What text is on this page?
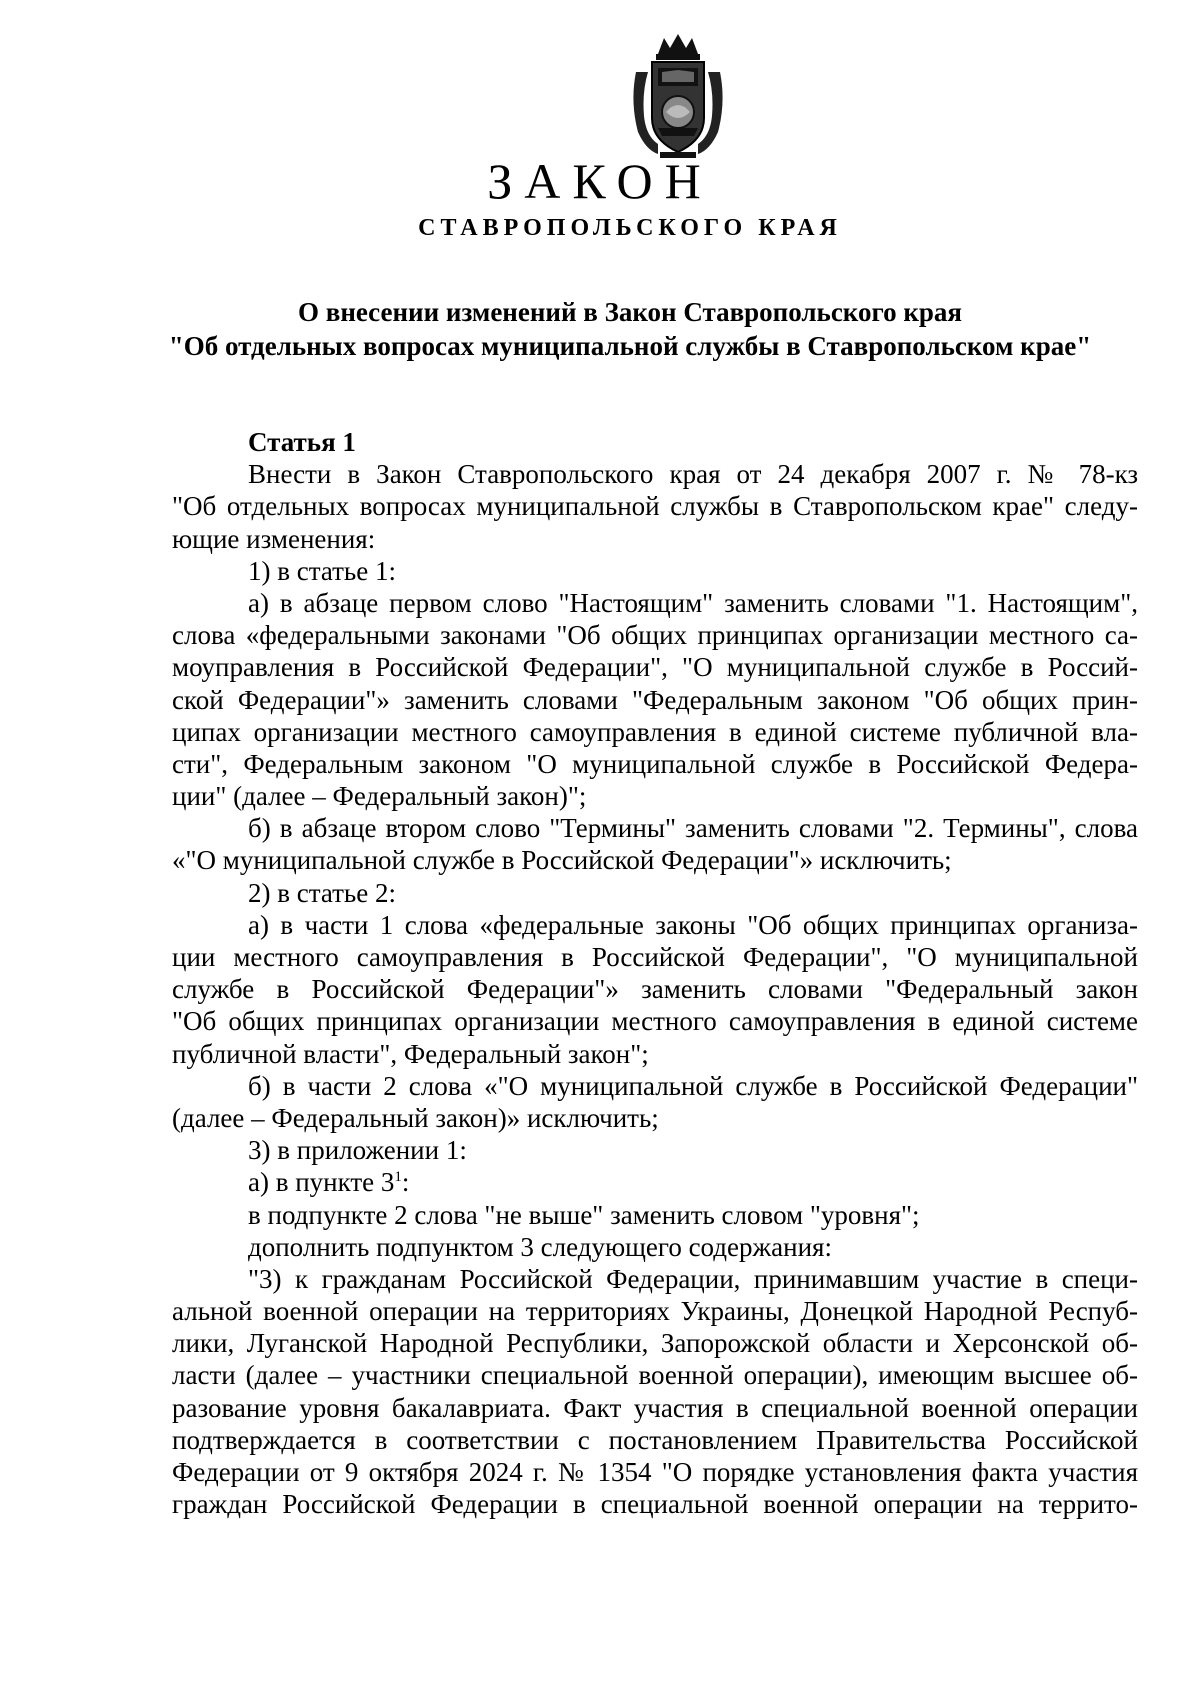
ЗАКОН
СТАВРОПОЛЬСКОГО КРАЯ
О внесении изменений в Закон Ставропольского края
"Об отдельных вопросах муниципальной службы в Ставропольском крае"
Статья 1
Внести в Закон Ставропольского края от 24 декабря 2007 г. № 78-кз
"Об отдельных вопросах муниципальной службы в Ставропольском крае" следу-
ющие изменения:
1) в статье 1:
а) в абзаце первом слово "Настоящим" заменить словами "1. Настоящим",
слова «федеральными законами "Об общих принципах организации местного са-
моуправления в Российской Федерации", "О муниципальной службе в Россий-
ской Федерации"» заменить словами "Федеральным законом "Об общих прин-
ципах организации местного самоуправления в единой системе публичной вла-
сти", Федеральным законом "О муниципальной службе в Российской Федера-
ции" (далее – Федеральный закон)";
б) в абзаце втором слово "Термины" заменить словами "2. Термины", слова
«"О муниципальной службе в Российской Федерации"» исключить;
2) в статье 2:
а) в части 1 слова «федеральные законы "Об общих принципах организа-
ции местного самоуправления в Российской Федерации", "О муниципальной
службе в Российской Федерации"» заменить словами "Федеральный закон
"Об общих принципах организации местного самоуправления в единой системе
публичной власти", Федеральный закон";
б) в части 2 слова «"О муниципальной службе в Российской Федерации"
(далее – Федеральный закон)» исключить;
3) в приложении 1:
а) в пункте $3^1$:
в подпункте 2 слова "не выше" заменить словом "уровня";
дополнить подпунктом 3 следующего содержания:
"3) к гражданам Российской Федерации, принимавшим участие в специ-
альной военной операции на территориях Украины, Донецкой Народной Респуб-
лики, Луганской Народной Республики, Запорожской области и Херсонской об-
ласти (далее – участники специальной военной операции), имеющим высшее об-
разование уровня бакалавриата. Факт участия в специальной военной операции
подтверждается в соответствии с постановлением Правительства Российской
Федерации от 9 октября 2024 г. № 1354 "О порядке установления факта участия
граждан Российской Федерации в специальной военной операции на террито-
